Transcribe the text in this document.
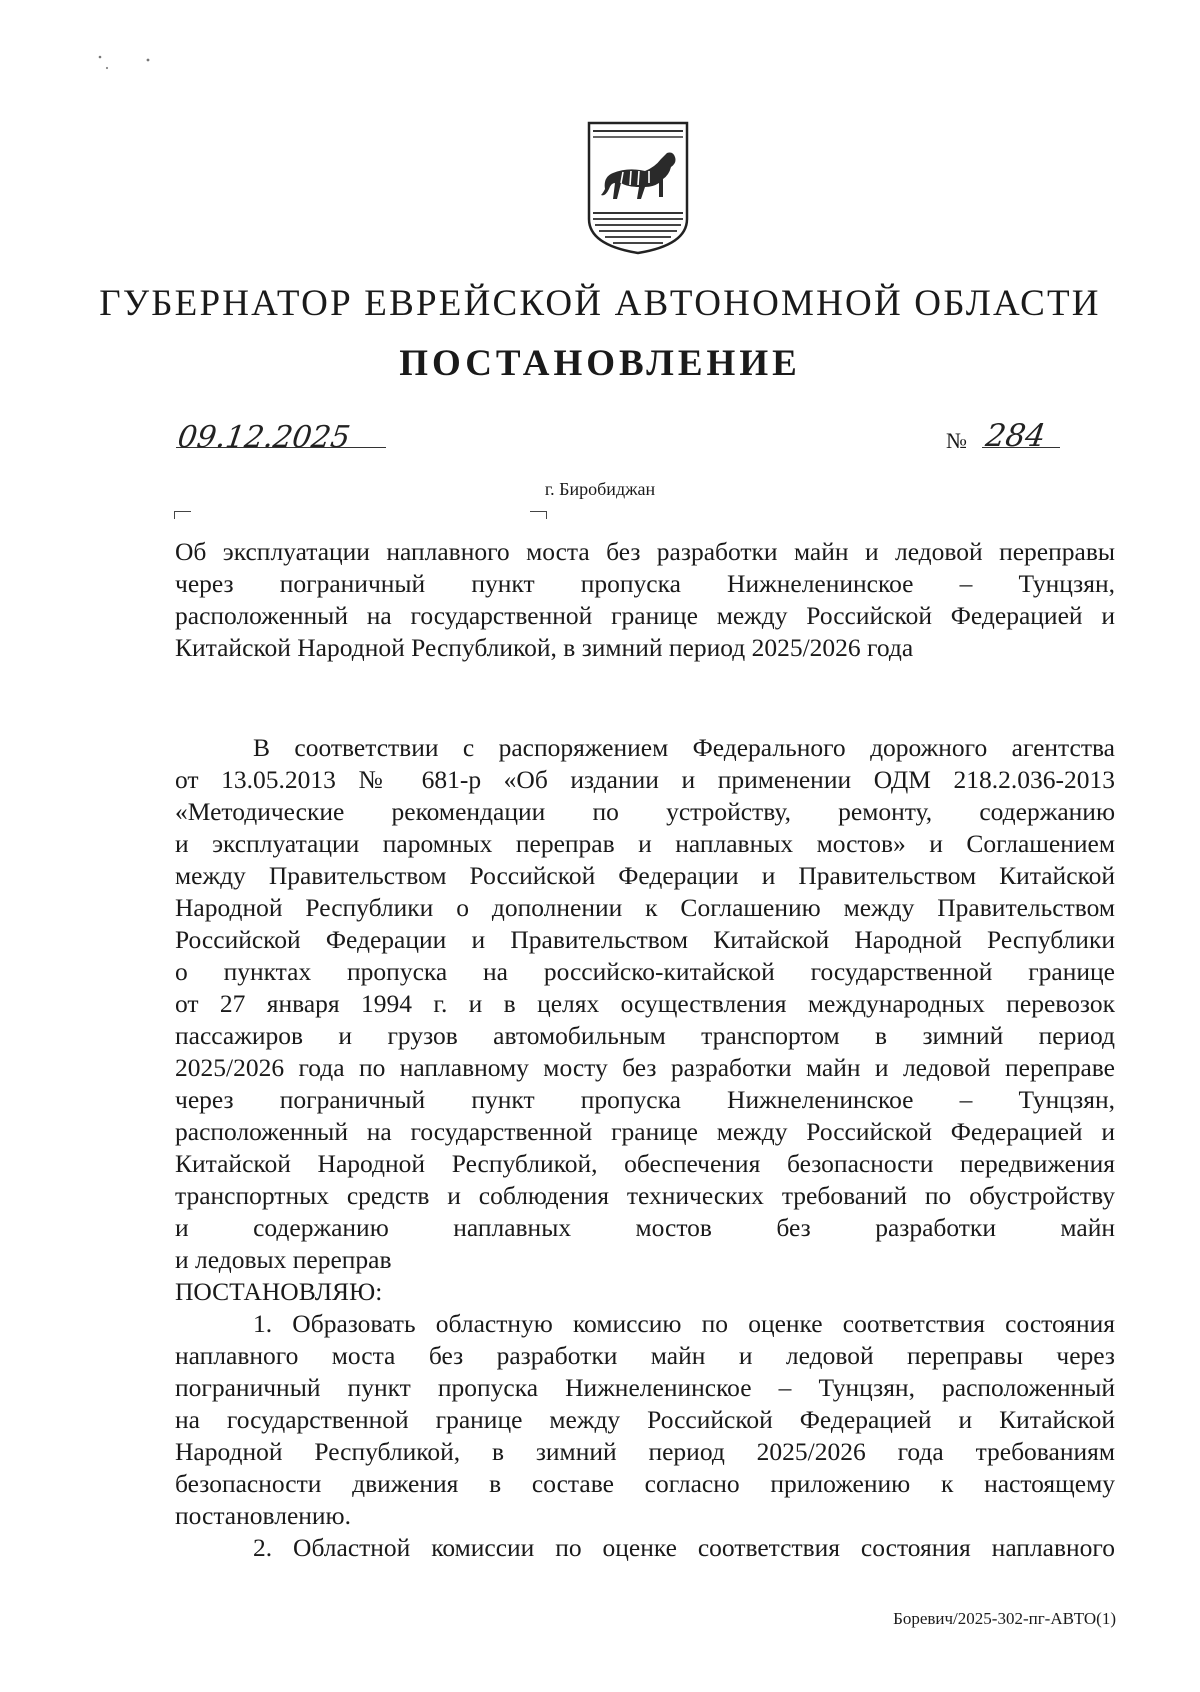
ГУБЕРНАТОР ЕВРЕЙСКОЙ АВТОНОМНОЙ ОБЛАСТИ
ПОСТАНОВЛЕНИЕ
09.12.2025	№ 284
г. Биробиджан
Об эксплуатации наплавного моста без разработки майн и ледовой переправы
через пограничный пункт пропуска Нижнеленинское – Тунцзян,
расположенный на государственной границе между Российской Федерацией и
Китайской Народной Республикой, в зимний период 2025/2026 года
В соответствии с распоряжением Федерального дорожного агентства
от 13.05.2013 № 681-р «Об издании и применении ОДМ 218.2.036-2013
«Методические рекомендации по устройству, ремонту, содержанию
и эксплуатации паромных переправ и наплавных мостов» и Соглашением
между Правительством Российской Федерации и Правительством Китайской
Народной Республики о дополнении к Соглашению между Правительством
Российской Федерации и Правительством Китайской Народной Республики
о пунктах пропуска на российско-китайской государственной границе
от 27 января 1994 г. и в целях осуществления международных перевозок
пассажиров и грузов автомобильным транспортом в зимний период
2025/2026 года по наплавному мосту без разработки майн и ледовой переправе
через пограничный пункт пропуска Нижнеленинское – Тунцзян,
расположенный на государственной границе между Российской Федерацией и
Китайской Народной Республикой, обеспечения безопасности передвижения
транспортных средств и соблюдения технических требований по обустройству
и содержанию наплавных мостов без разработки майн
и ледовых переправ
ПОСТАНОВЛЯЮ:
1. Образовать областную комиссию по оценке соответствия состояния
наплавного моста без разработки майн и ледовой переправы через
пограничный пункт пропуска Нижнеленинское – Тунцзян, расположенный
на государственной границе между Российской Федерацией и Китайской
Народной Республикой, в зимний период 2025/2026 года требованиям
безопасности движения в составе согласно приложению к настоящему
постановлению.
2. Областной комиссии по оценке соответствия состояния наплавного
Боревич/2025-302-пг-АВТО(1)
